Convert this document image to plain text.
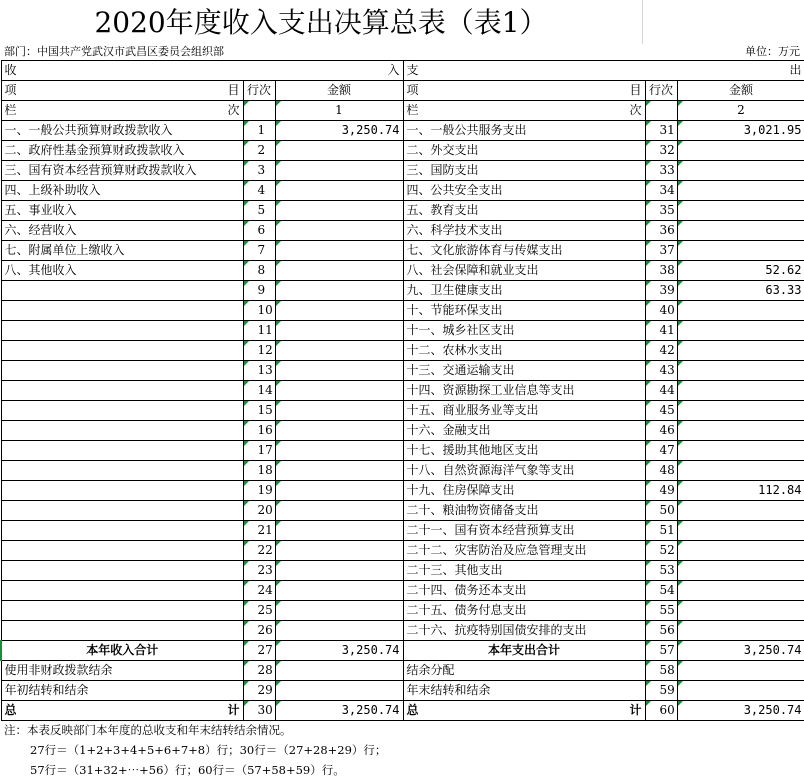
2020年度收入支出决算总表（表1）
部门：中国共产党武汉市武昌区委员会组织部	单位：万元
收 入			支 出		

项 目	行次	金额	项 目	行次	金额

栏 次		1	栏 次		2
一、一般公共预算财政拨款收入	1	3,250.74	一、一般公共服务支出	31	3,021.95
二、政府性基金预算财政拨款收入	2		二、外交支出	32	
三、国有资本经营预算财政拨款收入	3		三、国防支出	33	
四、上级补助收入	4		四、公共安全支出	34	
五、事业收入	5		五、教育支出	35	
六、经营收入	6		六、科学技术支出	36	
七、附属单位上缴收入	7		七、文化旅游体育与传媒支出	37	
八、其他收入	8		八、社会保障和就业支出	38	52.62
	9		九、卫生健康支出	39	63.33
	10		十、节能环保支出	40	
	11		十一、城乡社区支出	41	
	12		十二、农林水支出	42	
	13		十三、交通运输支出	43	
	14		十四、资源勘探工业信息等支出	44	
	15		十五、商业服务业等支出	45	
	16		十六、金融支出	46	
	17		十七、援助其他地区支出	47	
	18		十八、自然资源海洋气象等支出	48	
	19		十九、住房保障支出	49	112.84
	20		二十、粮油物资储备支出	50	
	21		二十一、国有资本经营预算支出	51	
	22		二十二、灾害防治及应急管理支出	52	
	23		二十三、其他支出	53	
	24		二十四、债务还本支出	54	
	25		二十五、债务付息支出	55	
	26		二十六、抗疫特别国债安排的支出	56	
本年收入合计	27	3,250.74	本年支出合计	57	3,250.74
使用非财政拨款结余	28		结余分配	58	
年初结转和结余	29		年末结转和结余	59	

总 计	30	3,250.74	总 计	60	3,250.74
注：本表反映部门本年度的总收支和年末结转结余情况。
27行＝（1+2+3+4+5+6+7+8）行；30行＝（27+28+29）行；
57行＝（31+32+⋯+56）行；60行＝（57+58+59）行。
